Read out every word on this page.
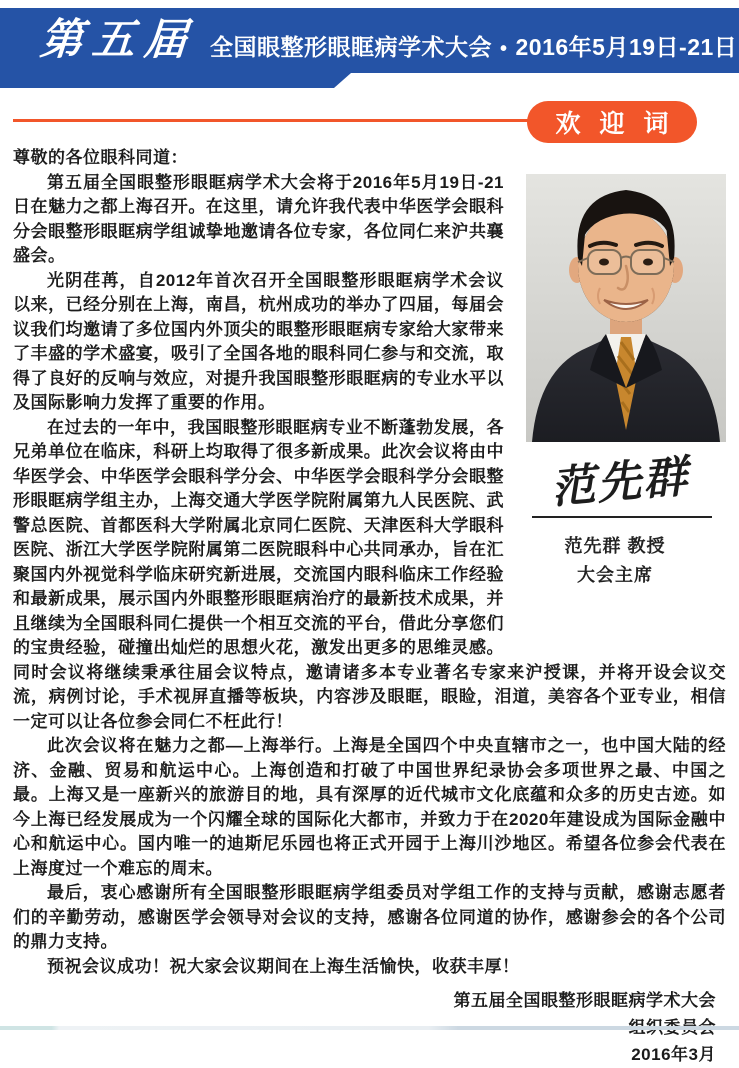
第五届 全国眼整形眼眶病学术大会 • 2016年5月19日-21日
欢 迎 词
范先群
范先群 教授
大会主席

尊敬的各位眼科同道：

第五届全国眼整形眼眶病学术大会将于2016年5月19日-21日在魅力之都上海召开。在这里，请允许我代表中华医学会眼科分会眼整形眼眶病学组诚挚地邀请各位专家，各位同仁来沪共襄盛会。

光阴荏苒，自2012年首次召开全国眼整形眼眶病学术会议以来，已经分别在上海，南昌，杭州成功的举办了四届，每届会议我们均邀请了多位国内外顶尖的眼整形眼眶病专家给大家带来了丰盛的学术盛宴，吸引了全国各地的眼科同仁参与和交流，取得了良好的反响与效应，对提升我国眼整形眼眶病的专业水平以及国际影响力发挥了重要的作用。

在过去的一年中，我国眼整形眼眶病专业不断蓬勃发展，各兄弟单位在临床，科研上均取得了很多新成果。此次会议将由中华医学会、中华医学会眼科学分会、中华医学会眼科学分会眼整形眼眶病学组主办，上海交通大学医学院附属第九人民医院、武警总医院、首都医科大学附属北京同仁医院、天津医科大学眼科医院、浙江大学医学院附属第二医院眼科中心共同承办，旨在汇聚国内外视觉科学临床研究新进展，交流国内眼科临床工作经验和最新成果，展示国内外眼整形眼眶病治疗的最新技术成果，并且继续为全国眼科同仁提供一个相互交流的平台，借此分享您们的宝贵经验，碰撞出灿烂的思想火花，激发出更多的思维灵感。同时会议将继续秉承往届会议特点，邀请诸多本专业著名专家来沪授课，并将开设会议交流，病例讨论，手术视屏直播等板块，内容涉及眼眶，眼睑，泪道，美容各个亚专业，相信一定可以让各位参会同仁不枉此行！

此次会议将在魅力之都—上海举行。上海是全国四个中央直辖市之一，也中国大陆的经济、金融、贸易和航运中心。上海创造和打破了中国世界纪录协会多项世界之最、中国之最。上海又是一座新兴的旅游目的地，具有深厚的近代城市文化底蕴和众多的历史古迹。如今上海已经发展成为一个闪耀全球的国际化大都市，并致力于在2020年建设成为国际金融中心和航运中心。国内唯一的迪斯尼乐园也将正式开园于上海川沙地区。希望各位参会代表在上海度过一个难忘的周末。

最后，衷心感谢所有全国眼整形眼眶病学组委员对学组工作的支持与贡献，感谢志愿者们的辛勤劳动，感谢医学会领导对会议的支持，感谢各位同道的协作，感谢参会的各个公司的鼎力支持。

预祝会议成功！祝大家会议期间在上海生活愉快，收获丰厚！

第五届全国眼整形眼眶病学术大会

2016年3月
